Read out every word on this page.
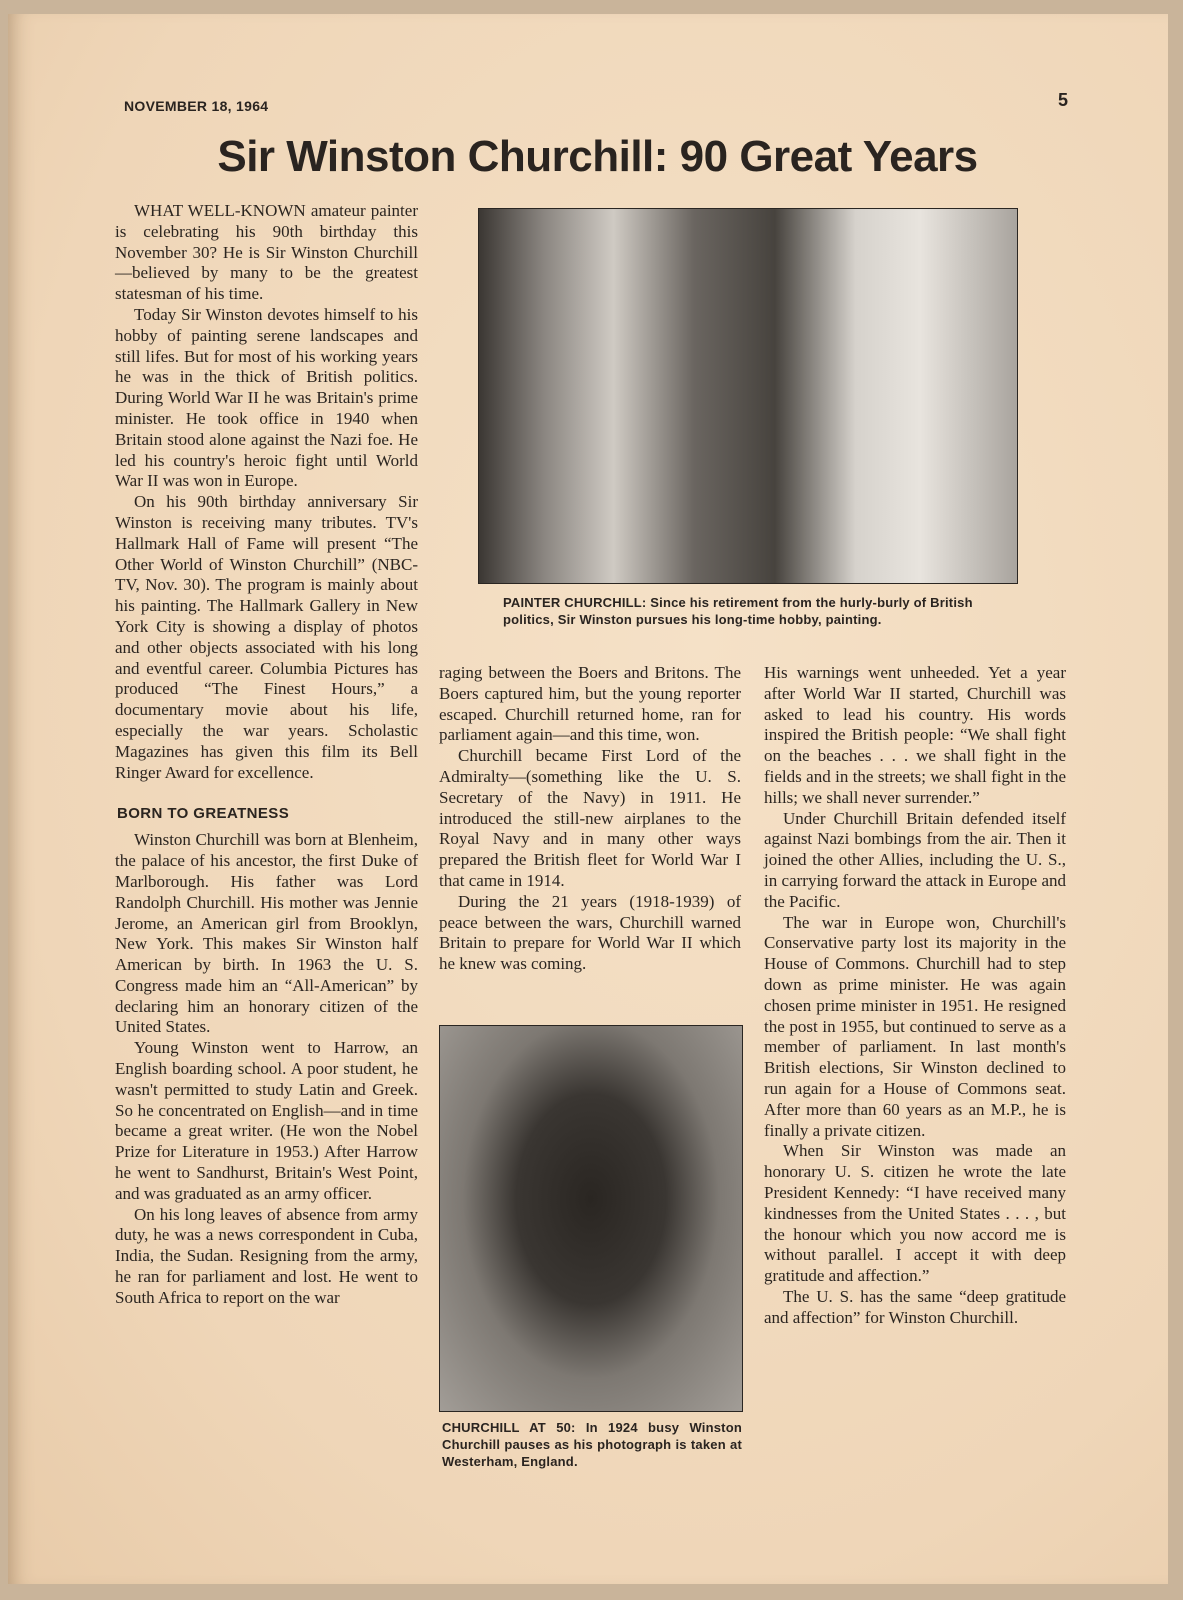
NOVEMBER 18, 1964	5
Sir Winston Churchill: 90 Great Years

WHAT WELL-KNOWN amateur painter is celebrating his 90th birthday this November 30? He is Sir Winston Churchill—believed by many to be the greatest statesman of his time.

Today Sir Winston devotes himself to his hobby of painting serene landscapes and still lifes. But for most of his working years he was in the thick of British politics. During World War II he was Britain's prime minister. He took office in 1940 when Britain stood alone against the Nazi foe. He led his country's heroic fight until World War II was won in Europe.

On his 90th birthday anniversary Sir Winston is receiving many tributes. TV's Hallmark Hall of Fame will present “The Other World of Winston Churchill” (NBC-TV, Nov. 30). The program is mainly about his painting. The Hallmark Gallery in New York City is showing a display of photos and other objects associated with his long and eventful career. Columbia Pictures has produced “The Finest Hours,” a documentary movie about his life, especially the war years. Scholastic Magazines has given this film its Bell Ringer Award for excellence.

BORN TO GREATNESS

Winston Churchill was born at Blenheim, the palace of his ancestor, the first Duke of Marlborough. His father was Lord Randolph Churchill. His mother was Jennie Jerome, an American girl from Brooklyn, New York. This makes Sir Winston half American by birth. In 1963 the U. S. Congress made him an “All-American” by declaring him an honorary citizen of the United States.

Young Winston went to Harrow, an English boarding school. A poor student, he wasn't permitted to study Latin and Greek. So he concentrated on English—and in time became a great writer. (He won the Nobel Prize for Literature in 1953.) After Harrow he went to Sandhurst, Britain's West Point, and was graduated as an army officer.

On his long leaves of absence from army duty, he was a news correspondent in Cuba, India, the Sudan. Resigning from the army, he ran for parliament and lost. He went to South Africa to report on the war

PAINTER CHURCHILL: Since his retirement from the hurly-burly of British politics, Sir Winston pursues his long-time hobby, painting.

raging between the Boers and Britons. The Boers captured him, but the young reporter escaped. Churchill returned home, ran for parliament again—and this time, won.

Churchill became First Lord of the Admiralty—(something like the U. S. Secretary of the Navy) in 1911. He introduced the still-new airplanes to the Royal Navy and in many other ways prepared the British fleet for World War I that came in 1914.

During the 21 years (1918-1939) of peace between the wars, Churchill warned Britain to prepare for World War II which he knew was coming.

CHURCHILL AT 50: In 1924 busy Winston Churchill pauses as his photograph is taken at Westerham, England.

His warnings went unheeded. Yet a year after World War II started, Churchill was asked to lead his country. His words inspired the British people: “We shall fight on the beaches . . . we shall fight in the fields and in the streets; we shall fight in the hills; we shall never surrender.”

Under Churchill Britain defended itself against Nazi bombings from the air. Then it joined the other Allies, including the U. S., in carrying forward the attack in Europe and the Pacific.

The war in Europe won, Churchill's Conservative party lost its majority in the House of Commons. Churchill had to step down as prime minister. He was again chosen prime minister in 1951. He resigned the post in 1955, but continued to serve as a member of parliament. In last month's British elections, Sir Winston declined to run again for a House of Commons seat. After more than 60 years as an M.P., he is finally a private citizen.

When Sir Winston was made an honorary U. S. citizen he wrote the late President Kennedy: “I have received many kindnesses from the United States . . . , but the honour which you now accord me is without parallel. I accept it with deep gratitude and affection.”

The U. S. has the same “deep gratitude and affection” for Winston Churchill.
